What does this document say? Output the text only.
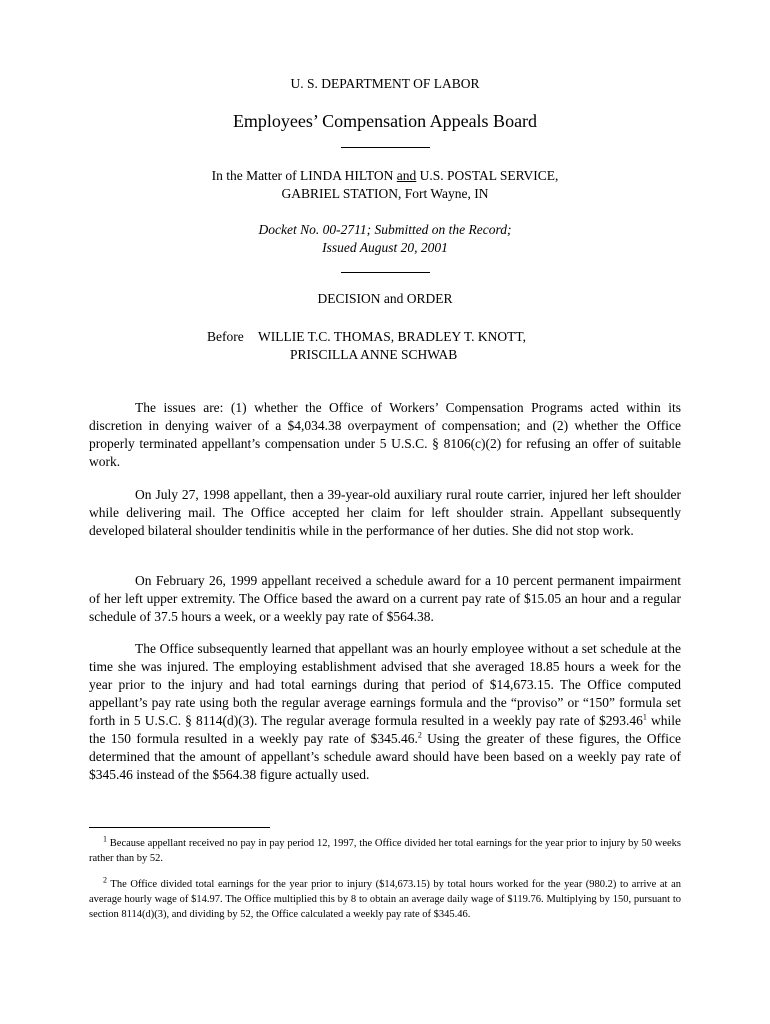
U. S. DEPARTMENT OF LABOR
Employees’ Compensation Appeals Board
In the Matter of LINDA HILTON and U.S. POSTAL SERVICE,
GABRIEL STATION, Fort Wayne, IN
Docket No. 00-2711; Submitted on the Record;
Issued August 20, 2001
DECISION and ORDER
Before WILLIE T.C. THOMAS, BRADLEY T. KNOTT,
PRISCILLA ANNE SCHWAB

The issues are: (1) whether the Office of Workers’ Compensation Programs acted within its discretion in denying waiver of a $4,034.38 overpayment of compensation; and (2) whether the Office properly terminated appellant’s compensation under 5 U.S.C. § 8106(c)(2) for refusing an offer of suitable work.

On July 27, 1998 appellant, then a 39-year-old auxiliary rural route carrier, injured her left shoulder while delivering mail. The Office accepted her claim for left shoulder strain. Appellant subsequently developed bilateral shoulder tendinitis while in the performance of her duties. She did not stop work.

On February 26, 1999 appellant received a schedule award for a 10 percent permanent impairment of her left upper extremity. The Office based the award on a current pay rate of $15.05 an hour and a regular schedule of 37.5 hours a week, or a weekly pay rate of $564.38.

The Office subsequently learned that appellant was an hourly employee without a set schedule at the time she was injured. The employing establishment advised that she averaged 18.85 hours a week for the year prior to the injury and had total earnings during that period of $14,673.15. The Office computed appellant’s pay rate using both the regular average earnings formula and the “proviso” or “150” formula set forth in 5 U.S.C. § 8114(d)(3). The regular average formula resulted in a weekly pay rate of $293.46$^1$ while the 150 formula resulted in a weekly pay rate of $345.46.$^2$ Using the greater of these figures, the Office determined that the amount of appellant’s schedule award should have been based on a weekly pay rate of $345.46 instead of the $564.38 figure actually used.

$^1$ Because appellant received no pay in pay period 12, 1997, the Office divided her total earnings for the year prior to injury by 50 weeks rather than by 52.

$^2$ The Office divided total earnings for the year prior to injury ($14,673.15) by total hours worked for the year (980.2) to arrive at an average hourly wage of $14.97. The Office multiplied this by 8 to obtain an average daily wage of $119.76. Multiplying by 150, pursuant to section 8114(d)(3), and dividing by 52, the Office calculated a weekly pay rate of $345.46.
